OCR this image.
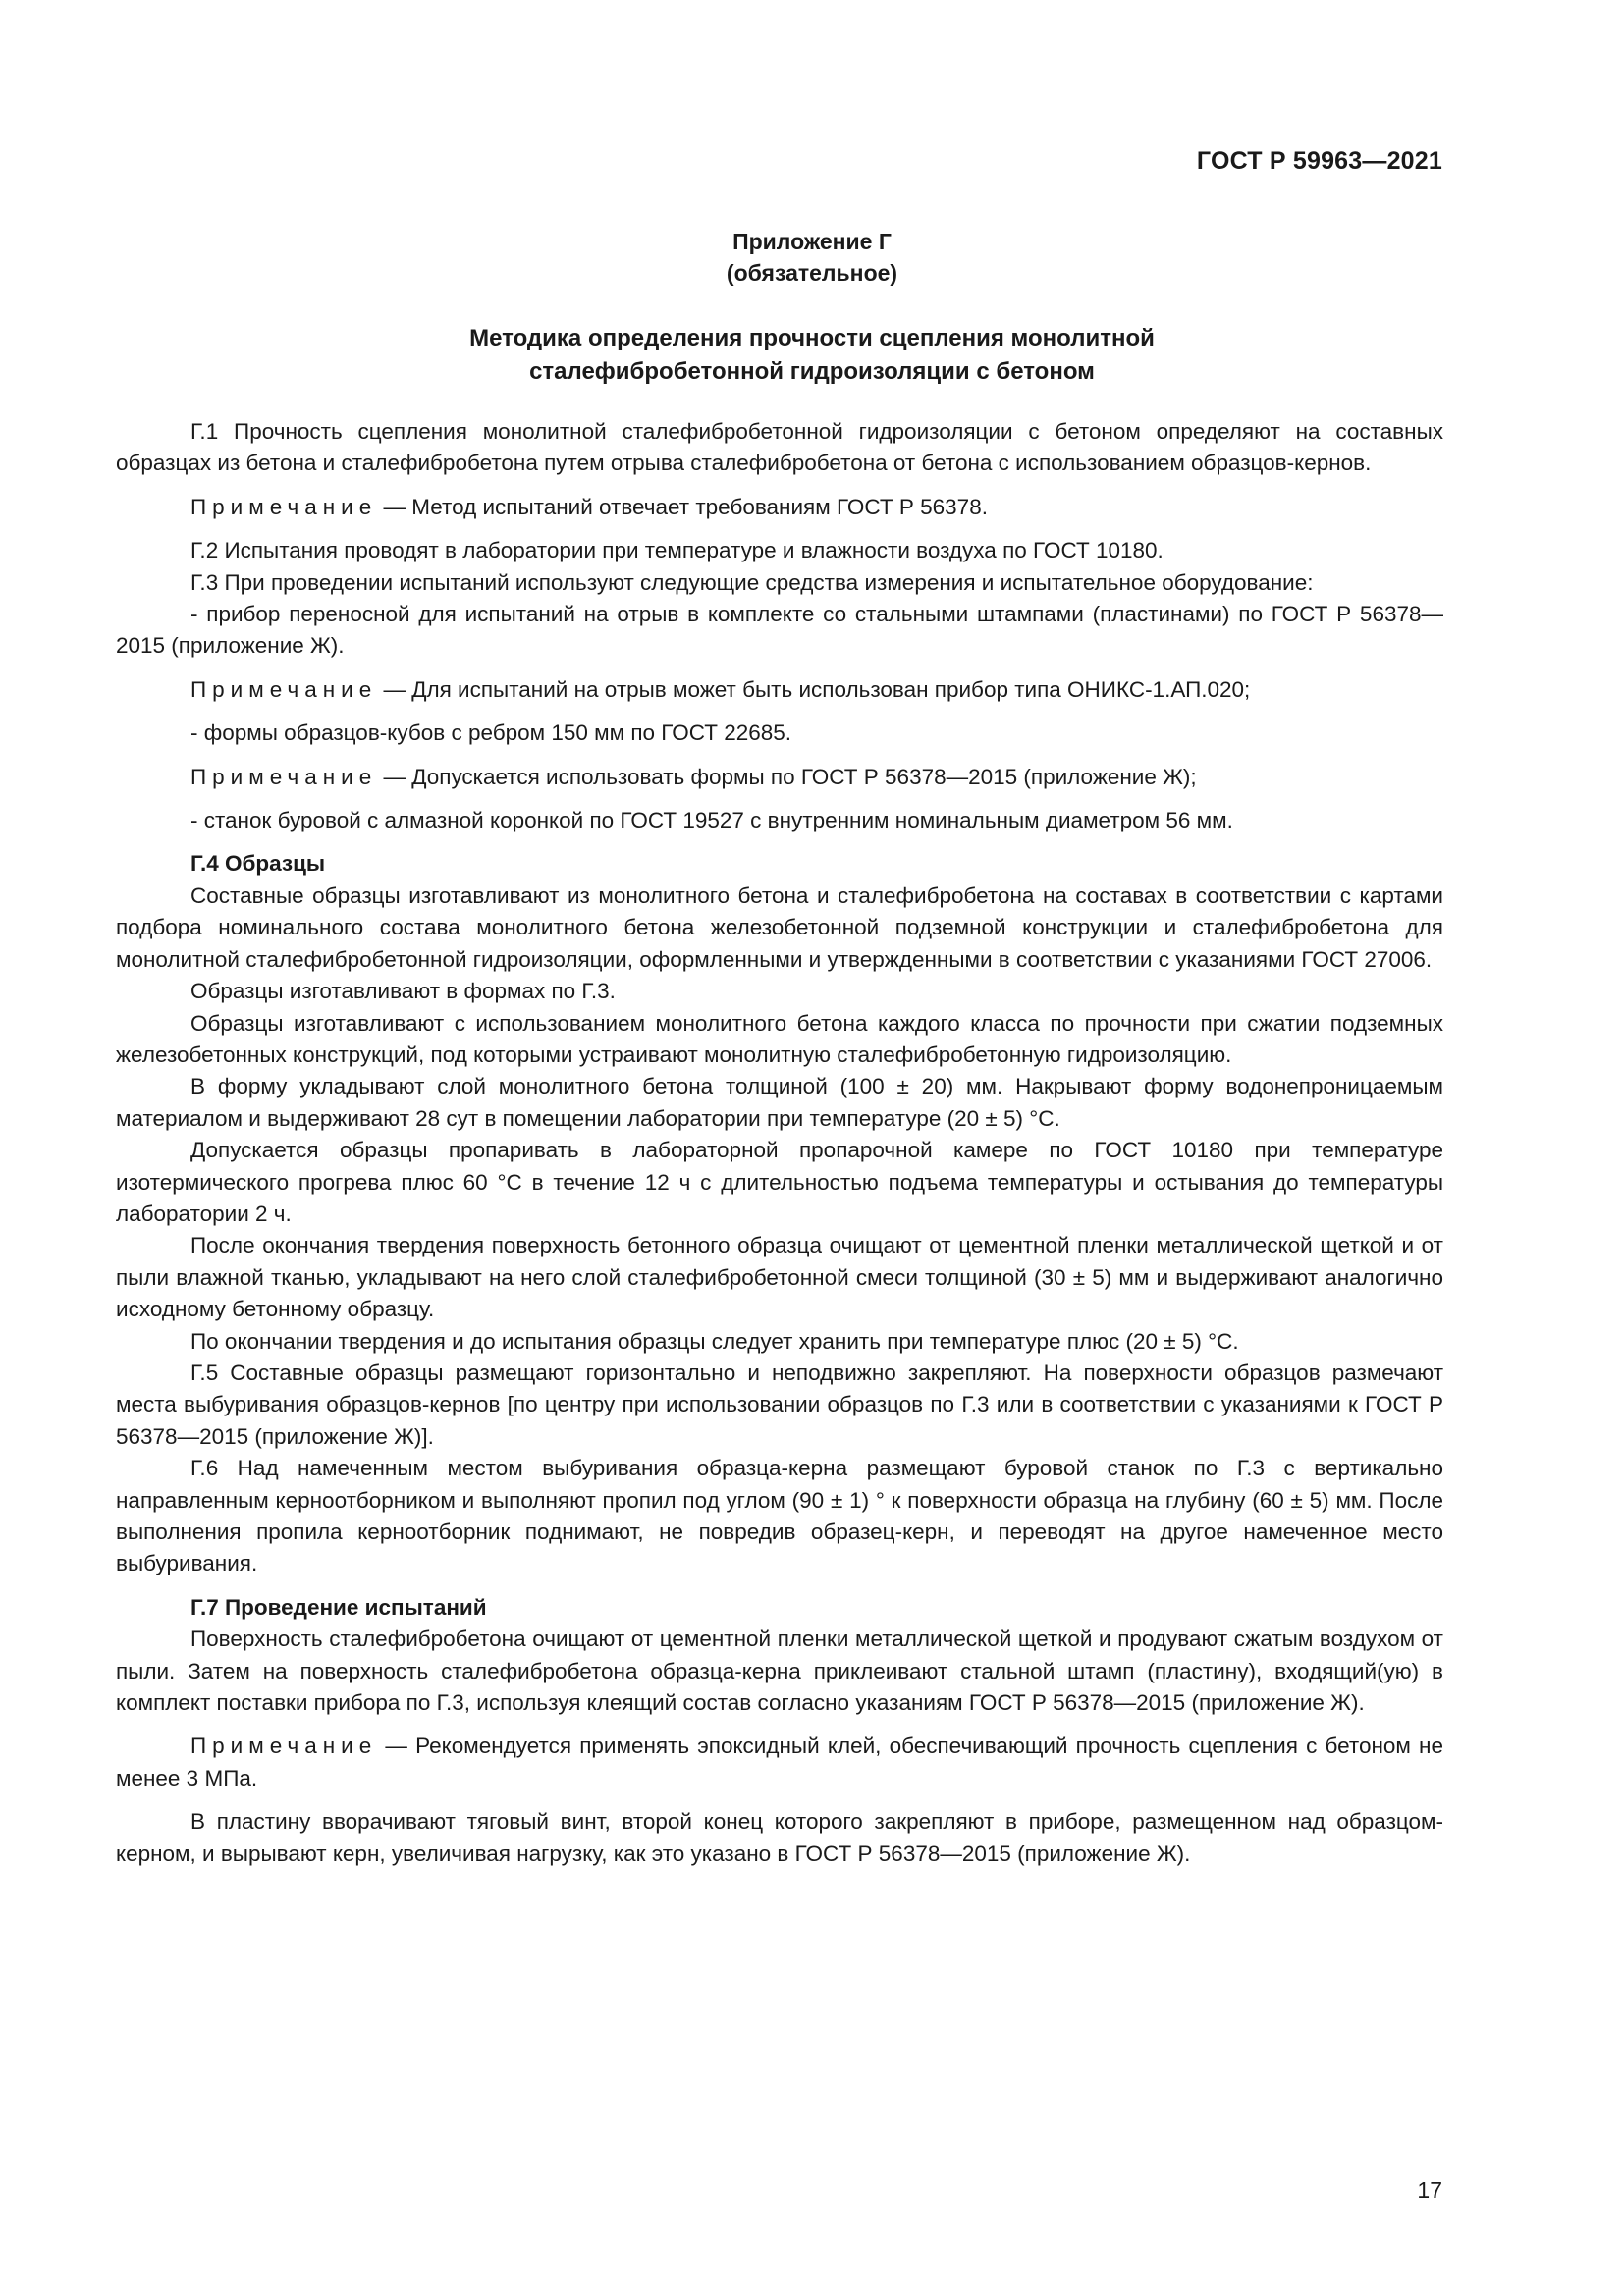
ГОСТ Р 59963—2021
Приложение Г
(обязательное)
Методика определения прочности сцепления монолитной
сталефибробетонной гидроизоляции с бетоном

Г.1 Прочность сцепления монолитной сталефибробетонной гидроизоляции с бетоном определяют на составных образцах из бетона и сталефибробетона путем отрыва сталефибробетона от бетона с использованием образцов-кернов.

Примечание — Метод испытаний отвечает требованиям ГОСТ Р 56378.

Г.2 Испытания проводят в лаборатории при температуре и влажности воздуха по ГОСТ 10180.

Г.3 При проведении испытаний используют следующие средства измерения и испытательное оборудование:

- прибор переносной для испытаний на отрыв в комплекте со стальными штампами (пластинами) по ГОСТ Р 56378—2015 (приложение Ж).

Примечание — Для испытаний на отрыв может быть использован прибор типа ОНИКС-1.АП.020;

- формы образцов-кубов с ребром 150 мм по ГОСТ 22685.

Примечание — Допускается использовать формы по ГОСТ Р 56378—2015 (приложение Ж);

- станок буровой с алмазной коронкой по ГОСТ 19527 с внутренним номинальным диаметром 56 мм.

Г.4 Образцы

Составные образцы изготавливают из монолитного бетона и сталефибробетона на составах в соответствии с картами подбора номинального состава монолитного бетона железобетонной подземной конструкции и сталефибробетона для монолитной сталефибробетонной гидроизоляции, оформленными и утвержденными в соответствии с указаниями ГОСТ 27006.

Образцы изготавливают в формах по Г.3.

Образцы изготавливают с использованием монолитного бетона каждого класса по прочности при сжатии подземных железобетонных конструкций, под которыми устраивают монолитную сталефибробетонную гидроизоляцию.

В форму укладывают слой монолитного бетона толщиной (100 ± 20) мм. Накрывают форму водонепроницаемым материалом и выдерживают 28 сут в помещении лаборатории при температуре (20 ± 5) °С.

Допускается образцы пропаривать в лабораторной пропарочной камере по ГОСТ 10180 при температуре изотермического прогрева плюс 60 °С в течение 12 ч с длительностью подъема температуры и остывания до температуры лаборатории 2 ч.

После окончания твердения поверхность бетонного образца очищают от цементной пленки металлической щеткой и от пыли влажной тканью, укладывают на него слой сталефибробетонной смеси толщиной (30 ± 5) мм и выдерживают аналогично исходному бетонному образцу.

По окончании твердения и до испытания образцы следует хранить при температуре плюс (20 ± 5) °С.

Г.5 Составные образцы размещают горизонтально и неподвижно закрепляют. На поверхности образцов размечают места выбуривания образцов-кернов [по центру при использовании образцов по Г.3 или в соответствии с указаниями к ГОСТ Р 56378—2015 (приложение Ж)].

Г.6 Над намеченным местом выбуривания образца-керна размещают буровой станок по Г.3 с вертикально направленным керноотборником и выполняют пропил под углом (90 ± 1) ° к поверхности образца на глубину (60 ± 5) мм. После выполнения пропила керноотборник поднимают, не повредив образец-керн, и переводят на другое намеченное место выбуривания.

Г.7 Проведение испытаний

Поверхность сталефибробетона очищают от цементной пленки металлической щеткой и продувают сжатым воздухом от пыли. Затем на поверхность сталефибробетона образца-керна приклеивают стальной штамп (пластину), входящий(ую) в комплект поставки прибора по Г.3, используя клеящий состав согласно указаниям ГОСТ Р 56378—2015 (приложение Ж).

Примечание — Рекомендуется применять эпоксидный клей, обеспечивающий прочность сцепления с бетоном не менее 3 МПа.

В пластину вворачивают тяговый винт, второй конец которого закрепляют в приборе, размещенном над образцом-керном, и вырывают керн, увеличивая нагрузку, как это указано в ГОСТ Р 56378—2015 (приложение Ж).

17
